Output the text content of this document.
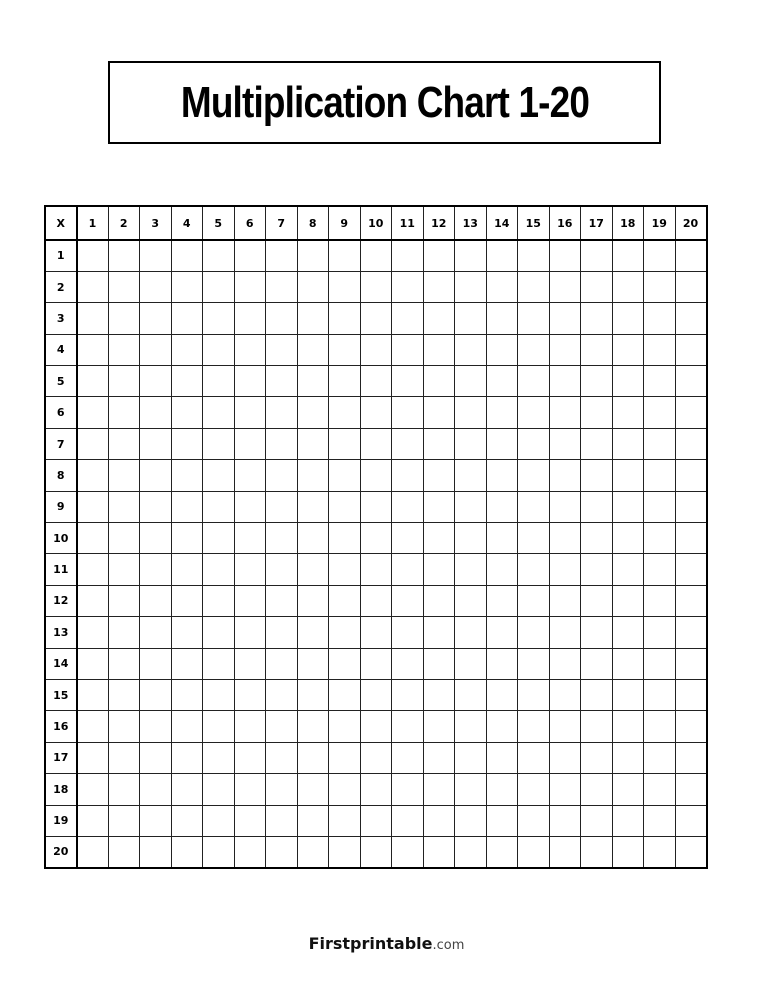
Multiplication Chart 1-20
X	1	2	3	4	5	6	7	8	9	10	11	12	13	14	15	16	17	18	19	20
1																				
2																				
3																				
4																				
5																				
6																				
7																				
8																				
9																				
10																				
11																				
12																				
13																				
14																				
15																				
16																				
17																				
18																				
19																				
20																				
Firstprintable.com
